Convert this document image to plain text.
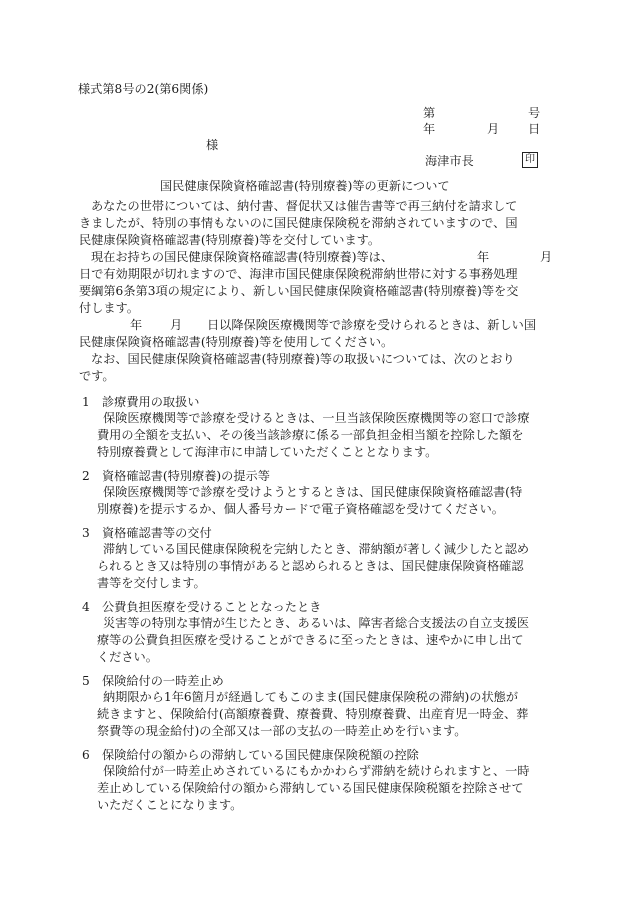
様式第8号の2(第6関係)
第	号
年	月 日
様
海津市長	印
国民健康保険資格確認書(特別療養)等の更新について
あなたの世帯については、納付書、督促状又は催告書等で再三納付を請求して
きましたが、特別の事情もないのに国民健康保険税を滞納されていますので、国
民健康保険資格確認書(特別療養)等を交付しています。
現在お持ちの国民健康保険資格確認書(特別療養)等は、	年	月
日で有効期限が切れますので、海津市国民健康保険税滞納世帯に対する事務処理
要綱第6条第3項の規定により、新しい国民健康保険資格確認書(特別療養)等を交
付します。
年 月 日以降保険医療機関等で診療を受けられるときは、新しい国
民健康保険資格確認書(特別療養)等を使用してください。
なお、国民健康保険資格確認書(特別療養)等の取扱いについては、次のとおり
です。
1　診療費用の取扱い
保険医療機関等で診療を受けるときは、一旦当該保険医療機関等の窓口で診療
費用の全額を支払い、その後当該診療に係る一部負担金相当額を控除した額を
特別療養費として海津市に申請していただくこととなります。
2　資格確認書(特別療養)の提示等
保険医療機関等で診療を受けようとするときは、国民健康保険資格確認書(特
別療養)を提示するか、個人番号カードで電子資格確認を受けてください。
3　資格確認書等の交付
滞納している国民健康保険税を完納したとき、滞納額が著しく減少したと認め
られるとき又は特別の事情があると認められるときは、国民健康保険資格確認
書等を交付します。
4　公費負担医療を受けることとなったとき
災害等の特別な事情が生じたとき、あるいは、障害者総合支援法の自立支援医
療等の公費負担医療を受けることができるに至ったときは、速やかに申し出て
ください。
5　保険給付の一時差止め
納期限から1年6箇月が経過してもこのまま(国民健康保険税の滞納)の状態が
続きますと、保険給付(高額療養費、療養費、特別療養費、出産育児一時金、葬
祭費等の現金給付)の全部又は一部の支払の一時差止めを行います。
6　保険給付の額からの滞納している国民健康保険税額の控除
保険給付が一時差止めされているにもかかわらず滞納を続けられますと、一時
差止めしている保険給付の額から滞納している国民健康保険税額を控除させて
いただくことになります。
